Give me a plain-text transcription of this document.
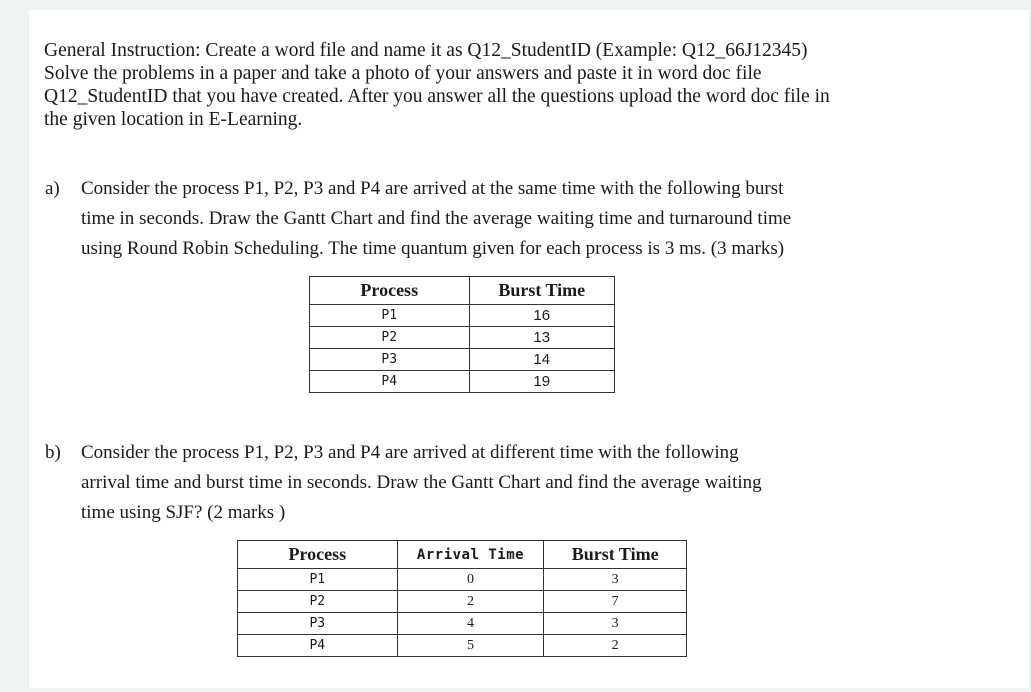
General Instruction: Create a word file and name it as Q12_StudentID (Example: Q12_66J12345)
Solve the problems in a paper and take a photo of your answers and paste it in word doc file
Q12_StudentID that you have created. After you answer all the questions upload the word doc file in
the given location in E-Learning.
a) Consider the process P1, P2, P3 and P4 are arrived at the same time with the following burst
time in seconds. Draw the Gantt Chart and find the average waiting time and turnaround time
using Round Robin Scheduling. The time quantum given for each process is 3 ms. (3 marks)
Process	Burst Time
P1	16
P2	13
P3	14
P4	19
b) Consider the process P1, P2, P3 and P4 are arrived at different time with the following
arrival time and burst time in seconds. Draw the Gantt Chart and find the average waiting
time using SJF? (2 marks )
Process	Arrival Time	Burst Time
P1	0	3
P2	2	7
P3	4	3
P4	5	2
